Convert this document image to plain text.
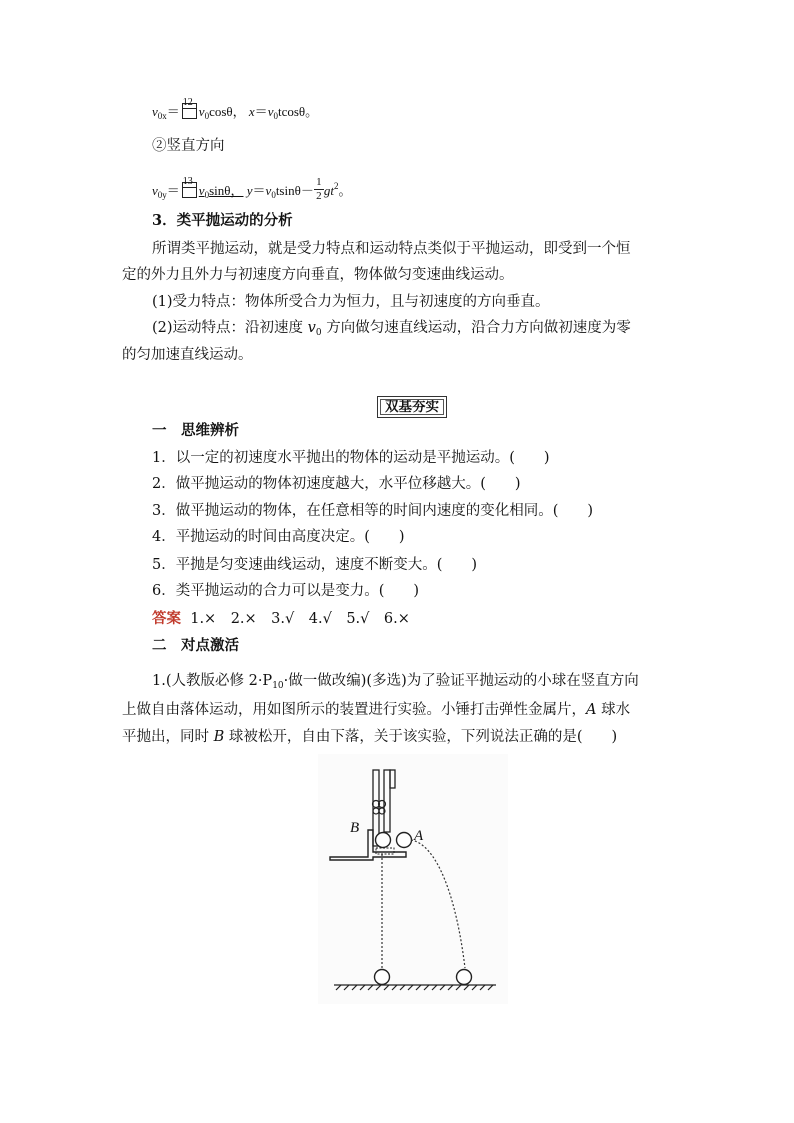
$v_{0x}=$
12
$v_0\cos\theta$， $x=v_0tcos\theta$。
②竖直方向
$v_{0y}=$
13
$v_0\sin\theta$， $y=v_0tsin\theta- \frac{1}{2} gt^2$。
3．类平抛运动的分析
所谓类平抛运动，就是受力特点和运动特点类似于平抛运动，即受到一个恒
定的外力且外力与初速度方向垂直，物体做匀变速曲线运动。
(1)受力特点：物体所受合力为恒力，且与初速度的方向垂直。
(2)运动特点：沿初速度 $v_0$ 方向做匀速直线运动，沿合力方向做初速度为零
的匀加速直线运动。
双基夯实
一　思维辨析
1．以一定的初速度水平抛出的物体的运动是平抛运动。(　　)
2．做平抛运动的物体初速度越大，水平位移越大。(　　)
3．做平抛运动的物体，在任意相等的时间内速度的变化相同。(　　)
4．平抛运动的时间由高度决定。(　　)
5．平抛是匀变速曲线运动，速度不断变大。(　　)
6．类平抛运动的合力可以是变力。(　　)
答案 1.×　2.×　3.√　4.√　5.√　6.×
二　对点激活
1.(人教版必修 $2\cdot P_{10}\cdot$做一做改编)(多选)为了验证平抛运动的小球在竖直方向
上做自由落体运动，用如图所示的装置进行实验。小锤打击弹性金属片，A 球水
平抛出，同时 B 球被松开，自由下落，关于该实验，下列说法正确的是(　　)
B	A
